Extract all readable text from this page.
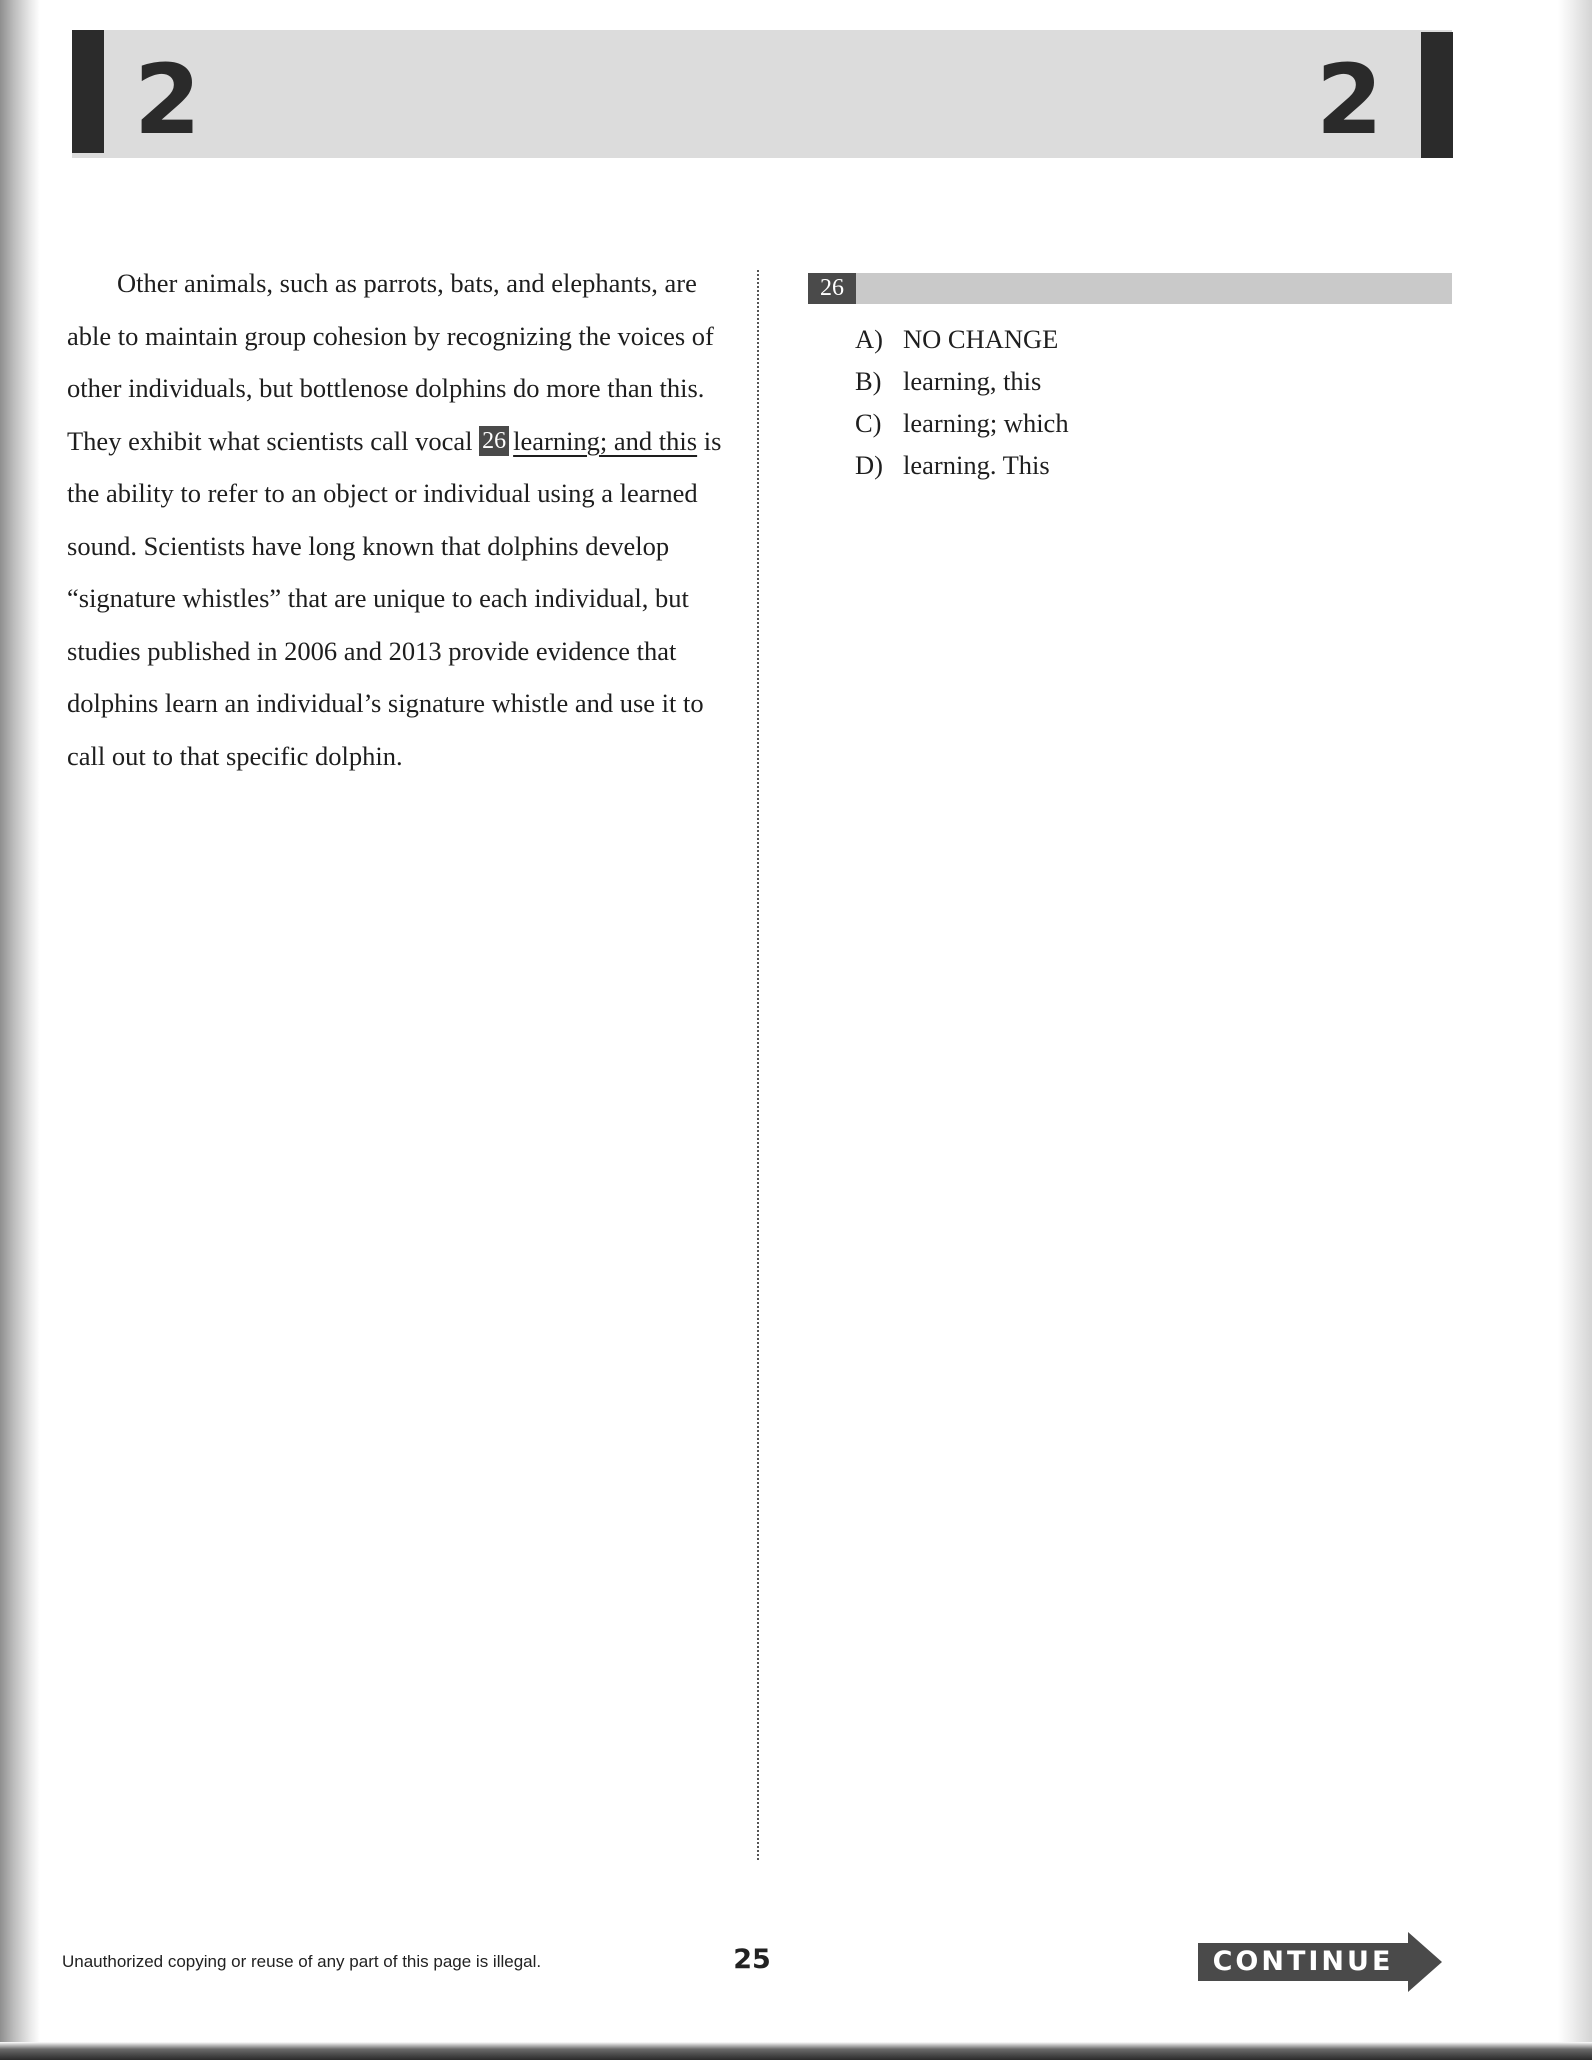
2	2

Other animals, such as parrots, bats, and elephants, are able to maintain group cohesion by recognizing the voices of other individuals, but bottlenose dolphins do more than this. They exhibit what scientists call vocal 26 learning; and this is the ability to refer to an object or individual using a learned sound. Scientists have long known that dolphins develop “signature whistles” that are unique to each individual, but studies published in 2006 and 2013 provide evidence that dolphins learn an individual’s signature whistle and use it to call out to that specific dolphin.

26
A) NO CHANGE
B) learning, this
C) learning; which
D) learning. This
Unauthorized copying or reuse of any part of this page is illegal.	25	CONTINUE
